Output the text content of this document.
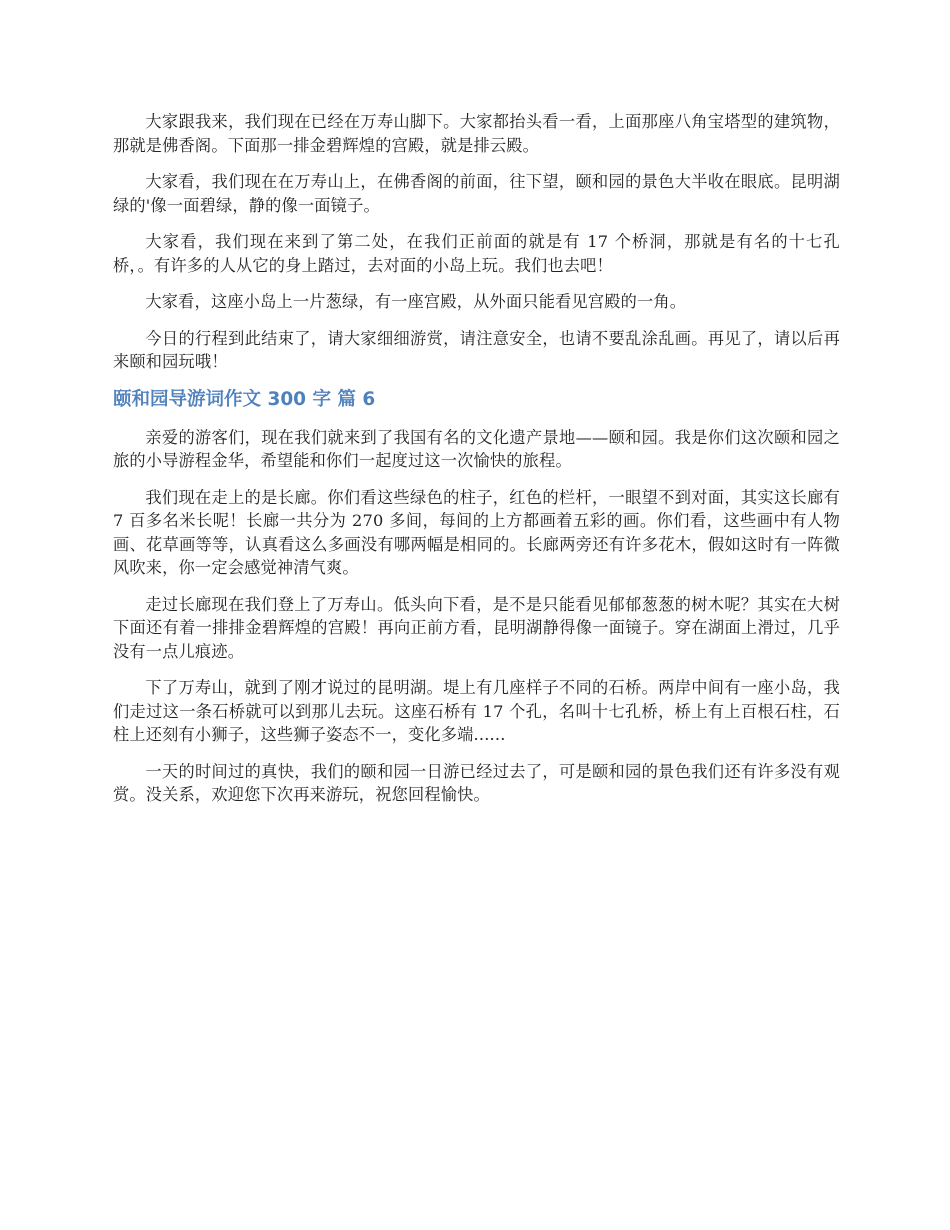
大家跟我来，我们现在已经在万寿山脚下。大家都抬头看一看，上面那座八角宝塔型的建筑物，那就是佛香阁。下面那一排金碧辉煌的宫殿，就是排云殿。

大家看，我们现在在万寿山上，在佛香阁的前面，往下望，颐和园的景色大半收在眼底。昆明湖绿的'像一面碧绿，静的像一面镜子。

大家看，我们现在来到了第二处，在我们正前面的就是有 17 个桥洞，那就是有名的十七孔桥，。有许多的人从它的身上踏过，去对面的小岛上玩。我们也去吧！

大家看，这座小岛上一片葱绿，有一座宫殿，从外面只能看见宫殿的一角。

今日的行程到此结束了，请大家细细游赏，请注意安全，也请不要乱涂乱画。再见了，请以后再来颐和园玩哦！

颐和园导游词作文 300 字 篇 6

亲爱的游客们，现在我们就来到了我国有名的文化遗产景地——颐和园。我是你们这次颐和园之旅的小导游程金华，希望能和你们一起度过这一次愉快的旅程。

我们现在走上的是长廊。你们看这些绿色的柱子，红色的栏杆，一眼望不到对面，其实这长廊有 7 百多名米长呢！长廊一共分为 270 多间，每间的上方都画着五彩的画。你们看，这些画中有人物画、花草画等等，认真看这么多画没有哪两幅是相同的。长廊两旁还有许多花木，假如这时有一阵微风吹来，你一定会感觉神清气爽。

走过长廊现在我们登上了万寿山。低头向下看，是不是只能看见郁郁葱葱的树木呢？其实在大树下面还有着一排排金碧辉煌的宫殿！再向正前方看，昆明湖静得像一面镜子。穿在湖面上滑过，几乎没有一点儿痕迹。

下了万寿山，就到了刚才说过的昆明湖。堤上有几座样子不同的石桥。两岸中间有一座小岛，我们走过这一条石桥就可以到那儿去玩。这座石桥有 17 个孔，名叫十七孔桥，桥上有上百根石柱，石柱上还刻有小狮子，这些狮子姿态不一，变化多端......

一天的时间过的真快，我们的颐和园一日游已经过去了，可是颐和园的景色我们还有许多没有观赏。没关系，欢迎您下次再来游玩，祝您回程愉快。
